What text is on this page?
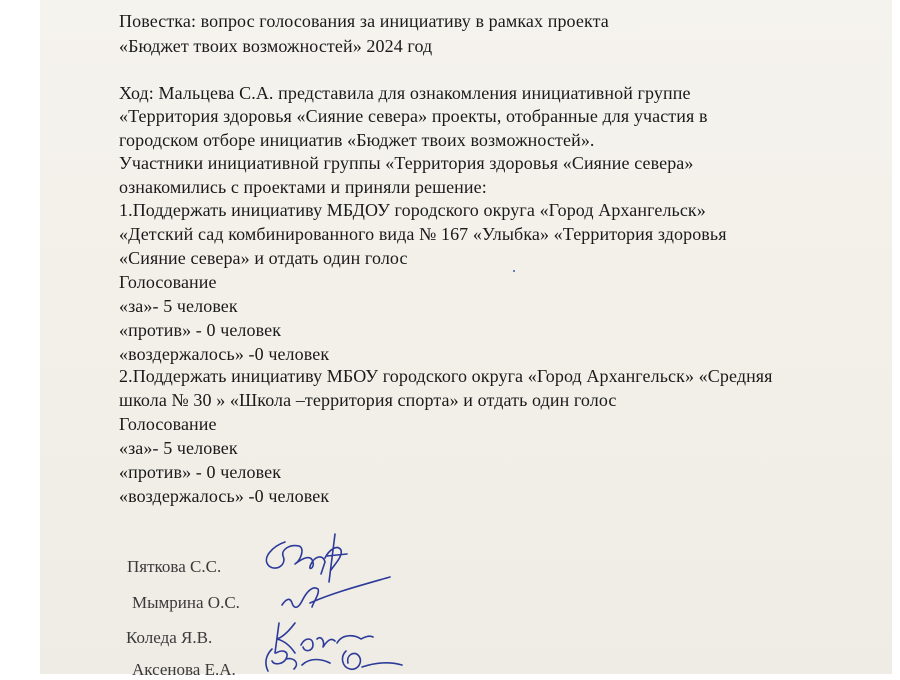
Повестка: вопрос голосования за инициативу в рамках проекта
«Бюджет твоих возможностей» 2024 год
Ход: Мальцева С.А. представила для ознакомления инициативной группе
«Территория здоровья «Сияние севера» проекты, отобранные для участия в
городском отборе инициатив «Бюджет твоих возможностей».
Участники инициативной группы «Территория здоровья «Сияние севера»
ознакомились с проектами и приняли решение:
1.Поддержать инициативу МБДОУ городского округа «Город Архангельск»
«Детский сад комбинированного вида № 167 «Улыбка» «Территория здоровья
«Сияние севера» и отдать один голос
Голосование
«за»- 5 человек
«против» - 0 человек
«воздержалось» -0 человек
2.Поддержать инициативу МБОУ городского округа «Город Архангельск» «Средняя
школа № 30 » «Школа –территория спорта» и отдать один голос
Голосование
«за»- 5 человек
«против» - 0 человек
«воздержалось» -0 человек
Пяткова С.С.
Мымрина О.С.
Коледа Я.В.
Аксенова Е.А.
